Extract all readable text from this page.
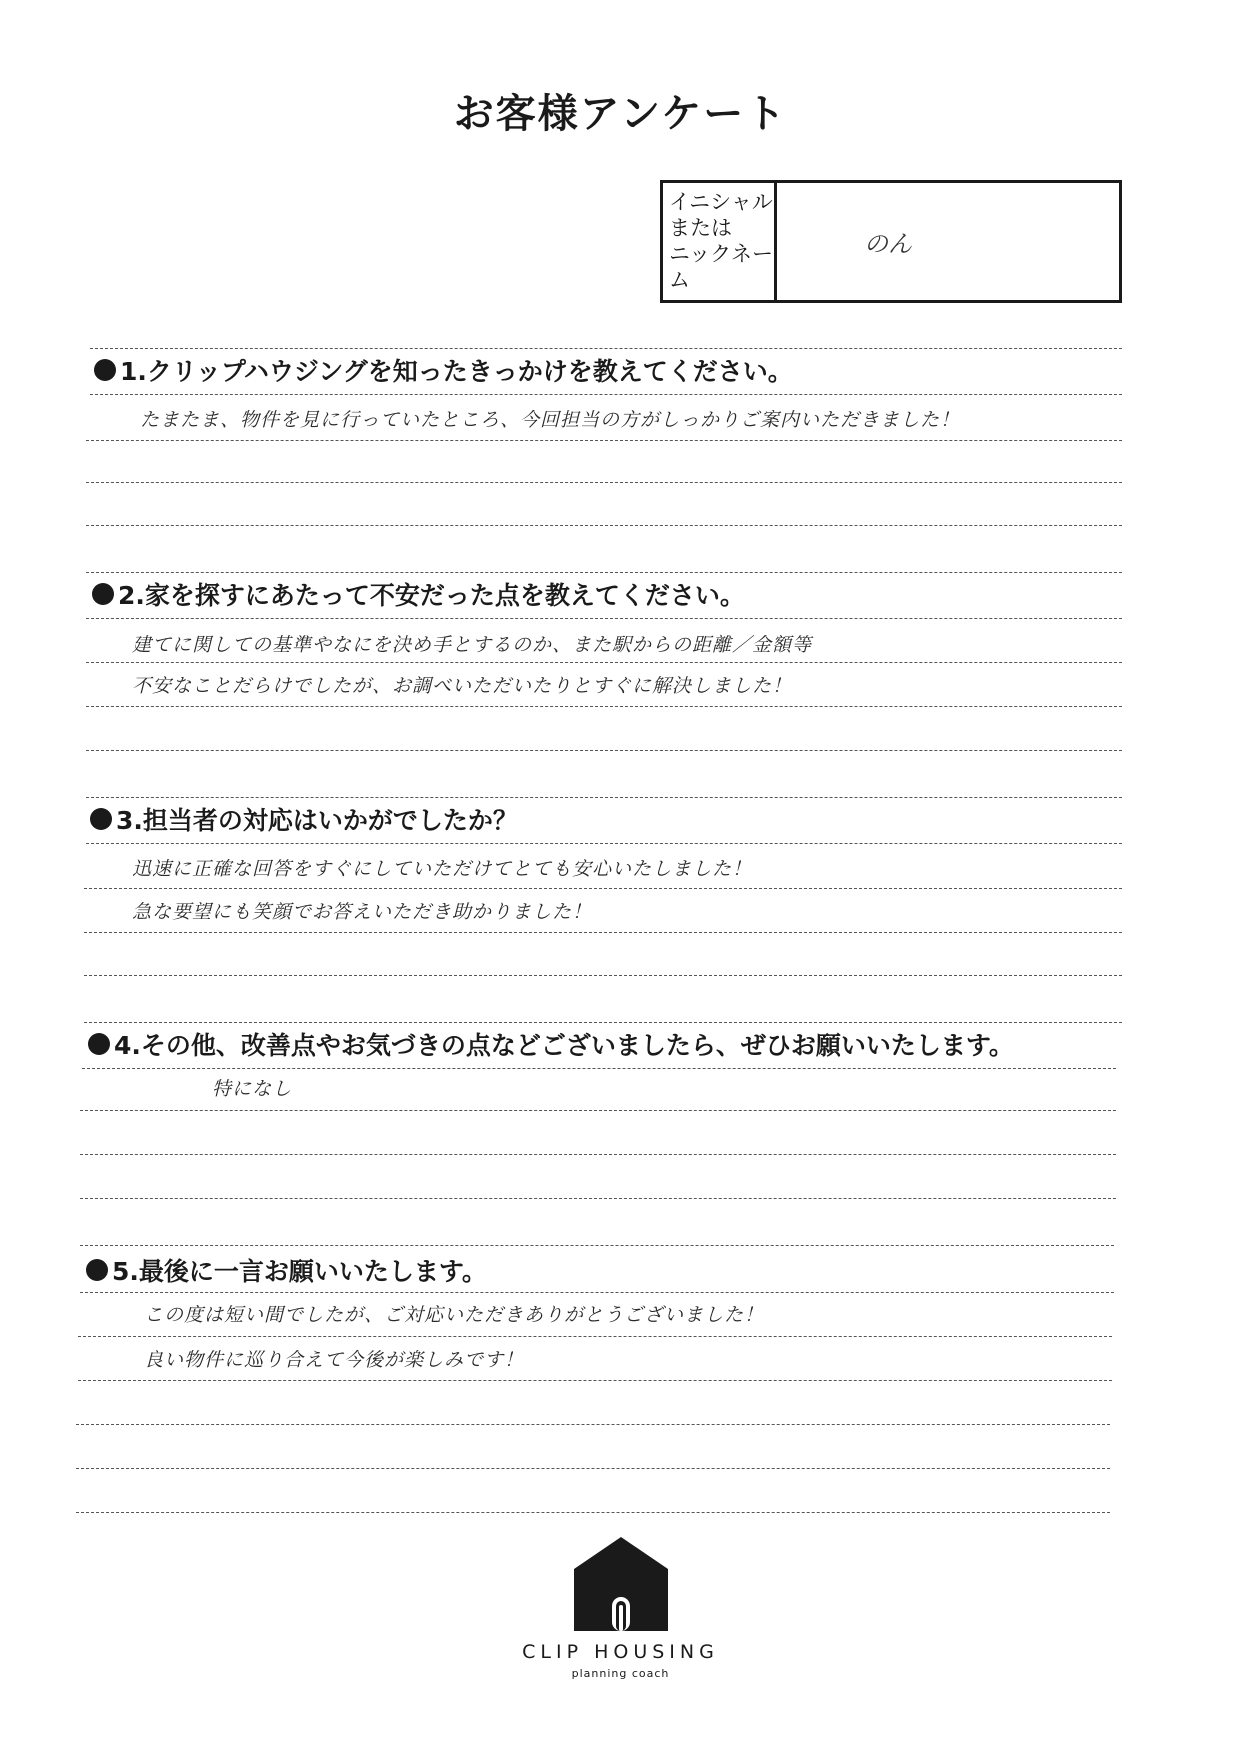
お客様アンケート
イニシャル
または
ニックネー
ム
のん
1.クリップハウジングを知ったきっかけを教えてください。
たまたま、物件を見に行っていたところ、今回担当の方がしっかりご案内いただきました！
2.家を探すにあたって不安だった点を教えてください。
建てに関しての基準やなにを決め手とするのか、また駅からの距離／金額等
不安なことだらけでしたが、お調べいただいたりとすぐに解決しました！
3.担当者の対応はいかがでしたか？
迅速に正確な回答をすぐにしていただけてとても安心いたしました！
急な要望にも笑顔でお答えいただき助かりました！
4.その他、改善点やお気づきの点などございましたら、ぜひお願いいたします。
特になし
5.最後に一言お願いいたします。
この度は短い間でしたが、ご対応いただきありがとうございました！
良い物件に巡り合えて今後が楽しみです！
CLIP HOUSING
planning coach
